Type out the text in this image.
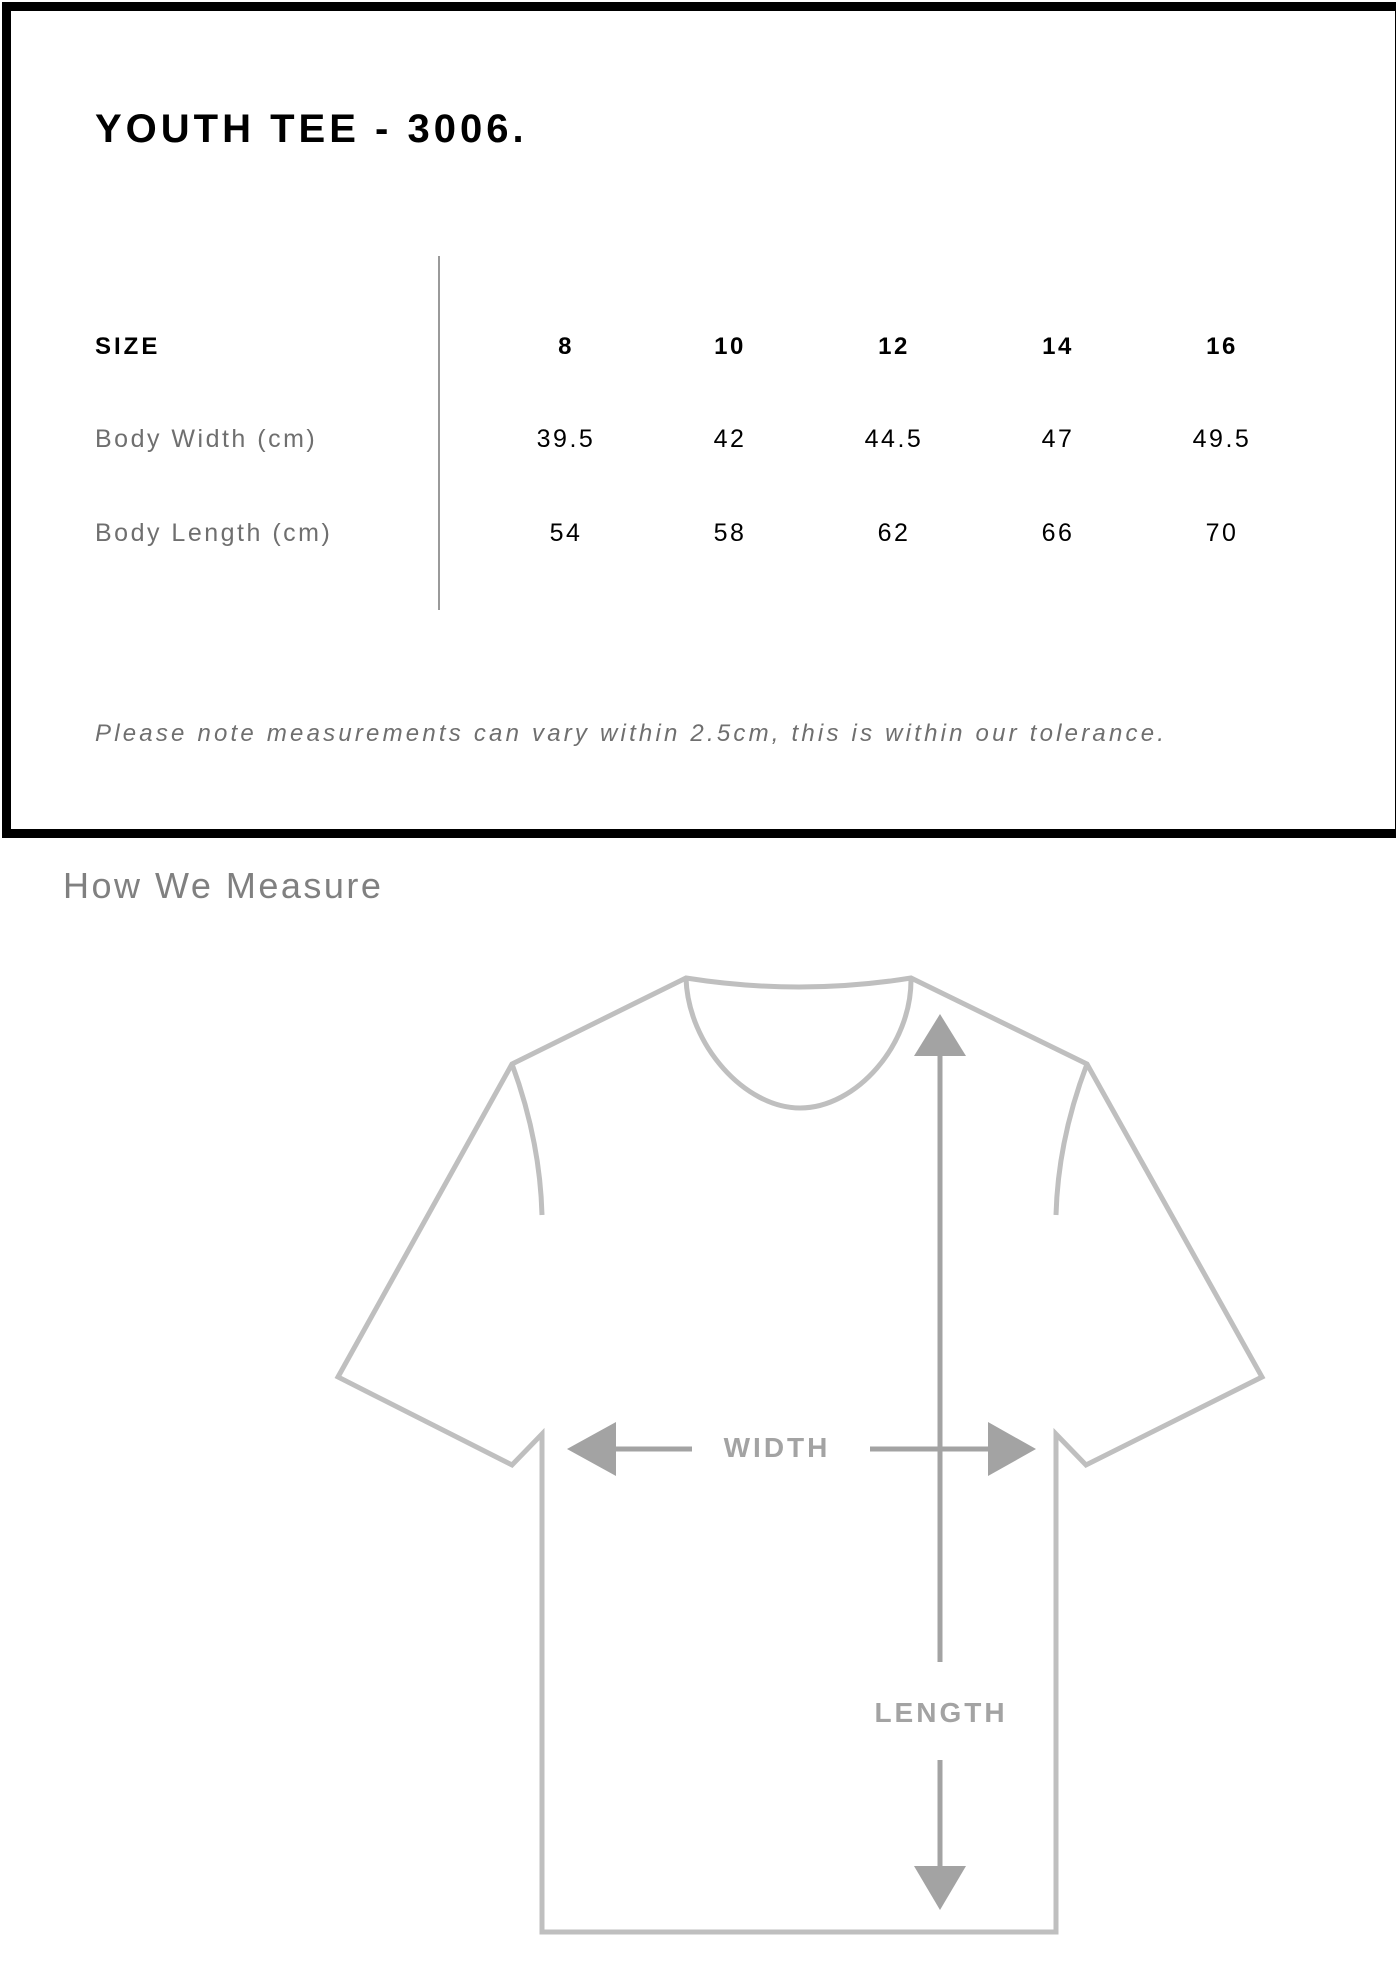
YOUTH TEE - 3006.
SIZE	8	10	12	14	16
Body Width (cm)	39.5	42	44.5	47	49.5
Body Length (cm)	54	58	62	66	70
Please note measurements can vary within 2.5cm, this is within our tolerance.
How We Measure
WIDTH
LENGTH
